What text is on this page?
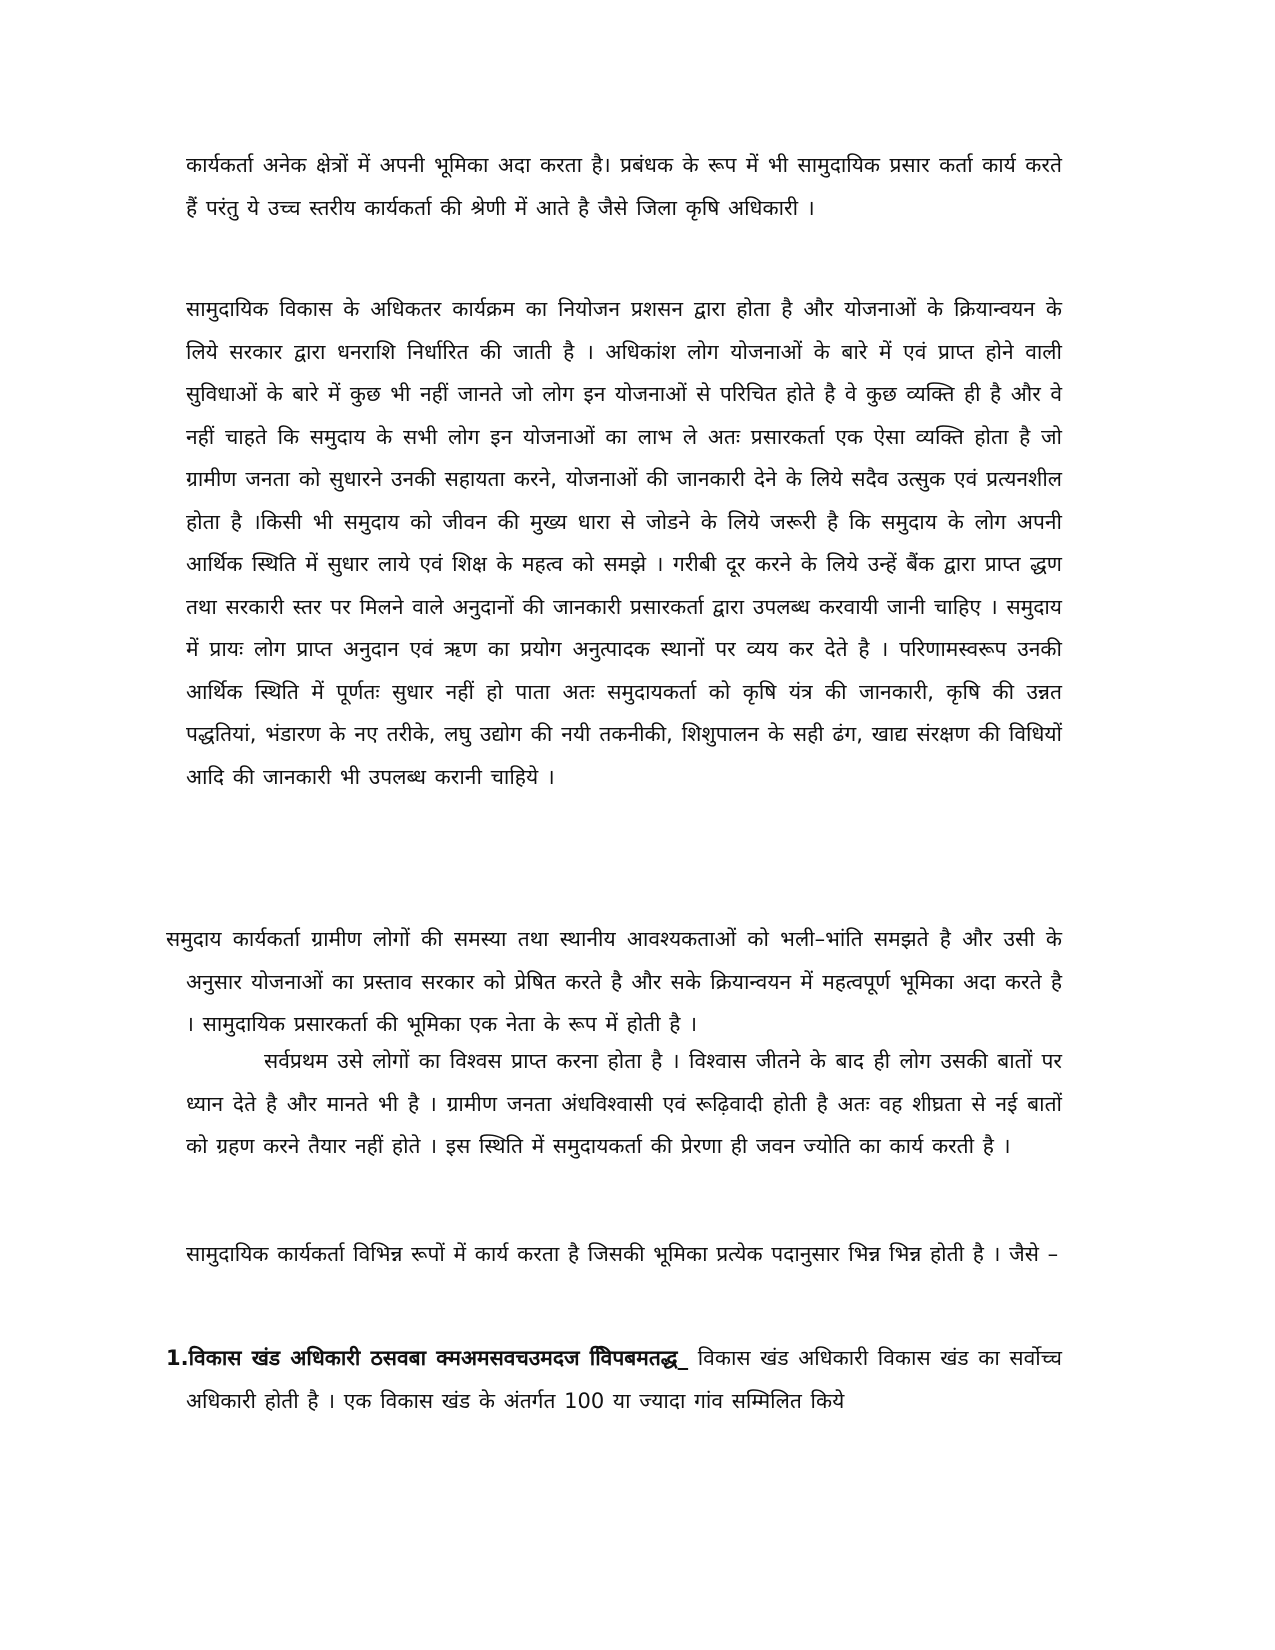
कार्यकर्ता अनेक क्षेत्रों में अपनी भूमिका अदा करता है। प्रबंधक के रूप में भी सामुदायिक प्रसार कर्ता कार्य करते हैं परंतु ये उच्च स्तरीय कार्यकर्ता की श्रेणी में आते है जैसे जिला कृषि अधिकारी ।

सामुदायिक विकास के अधिकतर कार्यक्रम का नियोजन प्रशसन द्वारा होता है और योजनाओं के क्रियान्वयन के लिये सरकार द्वारा धनराशि निर्धारित की जाती है । अधिकांश लोग योजनाओं के बारे में एवं प्राप्त होने वाली सुविधाओं के बारे में कुछ भी नहीं जानते जो लोग इन योजनाओं से परिचित होते है वे कुछ व्यक्ति ही है और वे नहीं चाहते कि समुदाय के सभी लोग इन योजनाओं का लाभ ले अतः प्रसारकर्ता एक ऐसा व्यक्ति होता है जो ग्रामीण जनता को सुधारने उनकी सहायता करने, योजनाओं की जानकारी देने के लिये सदैव उत्सुक एवं प्रत्यनशील होता है ।किसी भी समुदाय को जीवन की मुख्य धारा से जोडने के लिये जरूरी है कि समुदाय के लोग अपनी आर्थिक स्थिति में सुधार लाये एवं शिक्ष के महत्व को समझे । गरीबी दूर करने के लिये उन्हें बैंक द्वारा प्राप्त द्धण तथा सरकारी स्तर पर मिलने वाले अनुदानों की जानकारी प्रसारकर्ता द्वारा उपलब्ध करवायी जानी चाहिए । समुदाय में प्रायः लोग प्राप्त अनुदान एवं ऋण का प्रयोग अनुत्पादक स्थानों पर व्यय कर देते है । परिणामस्वरूप उनकी आर्थिक स्थिति में पूर्णतः सुधार नहीं हो पाता अतः समुदायकर्ता को कृषि यंत्र की जानकारी, कृषि की उन्नत पद्धतियां, भंडारण के नए तरीके, लघु उद्योग की नयी तकनीकी, शिशुपालन के सही ढंग, खाद्य संरक्षण की विधियों आदि की जानकारी भी उपलब्ध करानी चाहिये ।

समुदाय कार्यकर्ता ग्रामीण लोगों की समस्या तथा स्थानीय आवश्यकताओं को भली–भांति समझते है और उसी के अनुसार योजनाओं का प्रस्ताव सरकार को प्रेषित करते है और सके क्रियान्वयन में महत्वपूर्ण भूमिका अदा करते है । सामुदायिक प्रसारकर्ता की भूमिका एक नेता के रूप में होती है ।

सर्वप्रथम उसे लोगों का विश्वस प्राप्त करना होता है । विश्वास जीतने के बाद ही लोग उसकी बातों पर ध्यान देते है और मानते भी है । ग्रामीण जनता अंधविश्वासी एवं रूढ़िवादी होती है अतः वह शीघ्रता से नई बातों को ग्रहण करने तैयार नहीं होते । इस स्थिति में समुदायकर्ता की प्रेरणा ही जवन ज्योति का कार्य करती है ।

सामुदायिक कार्यकर्ता विभिन्न रूपों में कार्य करता है जिसकी भूमिका प्रत्येक पदानुसार भिन्न भिन्न होती है । जैसे –

1.विकास खंड अधिकारी ठसवबा क्मअमसवचउमदज वििपबमतद्ध_ विकास खंड अधिकारी विकास खंड का सर्वोच्च अधिकारी होती है । एक विकास खंड के अंतर्गत 100 या ज्यादा गांव सम्मिलित किये
